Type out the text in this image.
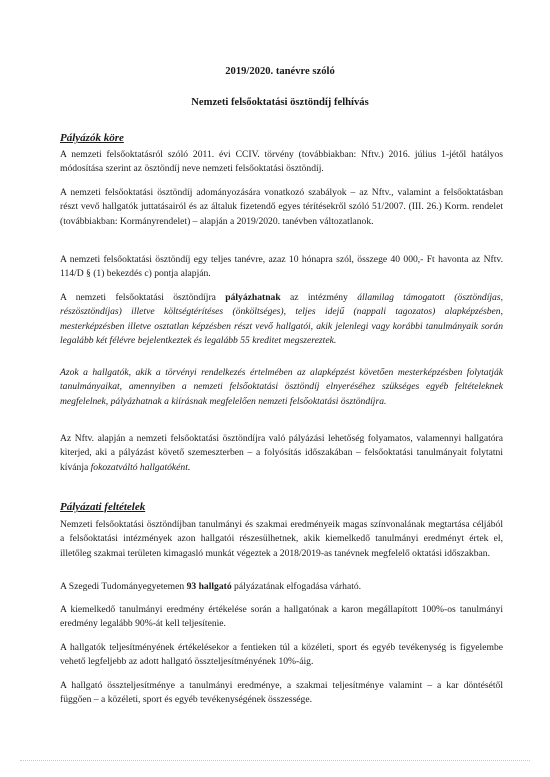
2019/2020. tanévre szóló
Nemzeti felsőoktatási ösztöndíj felhívás
Pályázók köre

A nemzeti felsőoktatásról szóló 2011. évi CCIV. törvény (továbbiakban: Nftv.) 2016. július 1-jétől hatályos módosítása szerint az ösztöndíj neve nemzeti felsőoktatási ösztöndíj.

A nemzeti felsőoktatási ösztöndíj adományozására vonatkozó szabályok – az Nftv., valamint a felsőoktatásban részt vevő hallgatók juttatásairól és az általuk fizetendő egyes térítésekről szóló 51/2007. (III. 26.) Korm. rendelet (továbbiakban: Kormányrendelet) – alapján a 2019/2020. tanévben változatlanok.

A nemzeti felsőoktatási ösztöndíj egy teljes tanévre, azaz 10 hónapra szól, összege 40 000,- Ft havonta az Nftv. 114/D § (1) bekezdés c) pontja alapján.

A nemzeti felsőoktatási ösztöndíjra pályázhatnak az intézmény államilag támogatott (ösztöndíjas, részösztöndíjas) illetve költségtérítéses (önköltséges), teljes idejű (nappali tagozatos) alapképzésben, mesterképzésben illetve osztatlan képzésben részt vevő hallgatói, akik jelenlegi vagy korábbi tanulmányaik során legalább két félévre bejelentkeztek és legalább 55 kreditet megszereztek.

Azok a hallgatók, akik a törvényi rendelkezés értelmében az alapképzést követően mesterképzésben folytatják tanulmányaikat, amennyiben a nemzeti felsőoktatási ösztöndíj elnyeréséhez szükséges egyéb feltételeknek megfelelnek, pályázhatnak a kiírásnak megfelelően nemzeti felsőoktatási ösztöndíjra.

Az Nftv. alapján a nemzeti felsőoktatási ösztöndíjra való pályázási lehetőség folyamatos, valamennyi hallgatóra kiterjed, aki a pályázást követő szemeszterben – a folyósítás időszakában – felsőoktatási tanulmányait folytatni kívánja fokozatváltó hallgatóként.

Pályázati feltételek

Nemzeti felsőoktatási ösztöndíjban tanulmányi és szakmai eredményeik magas színvonalának megtartása céljából a felsőoktatási intézmények azon hallgatói részesülhetnek, akik kiemelkedő tanulmányi eredményt értek el, illetőleg szakmai területen kimagasló munkát végeztek a 2018/2019-as tanévnek megfelelő oktatási időszakban.

A Szegedi Tudományegyetemen 93 hallgató pályázatának elfogadása várható.

A kiemelkedő tanulmányi eredmény értékelése során a hallgatónak a karon megállapított 100%-os tanulmányi eredmény legalább 90%-át kell teljesítenie.

A hallgatók teljesítményének értékelésekor a fentieken túl a közéleti, sport és egyéb tevékenység is figyelembe vehető legfeljebb az adott hallgató összteljesítményének 10%-áig.

A hallgató összteljesítménye a tanulmányi eredménye, a szakmai teljesítménye valamint – a kar döntésétől függően – a közéleti, sport és egyéb tevékenységének összessége.
